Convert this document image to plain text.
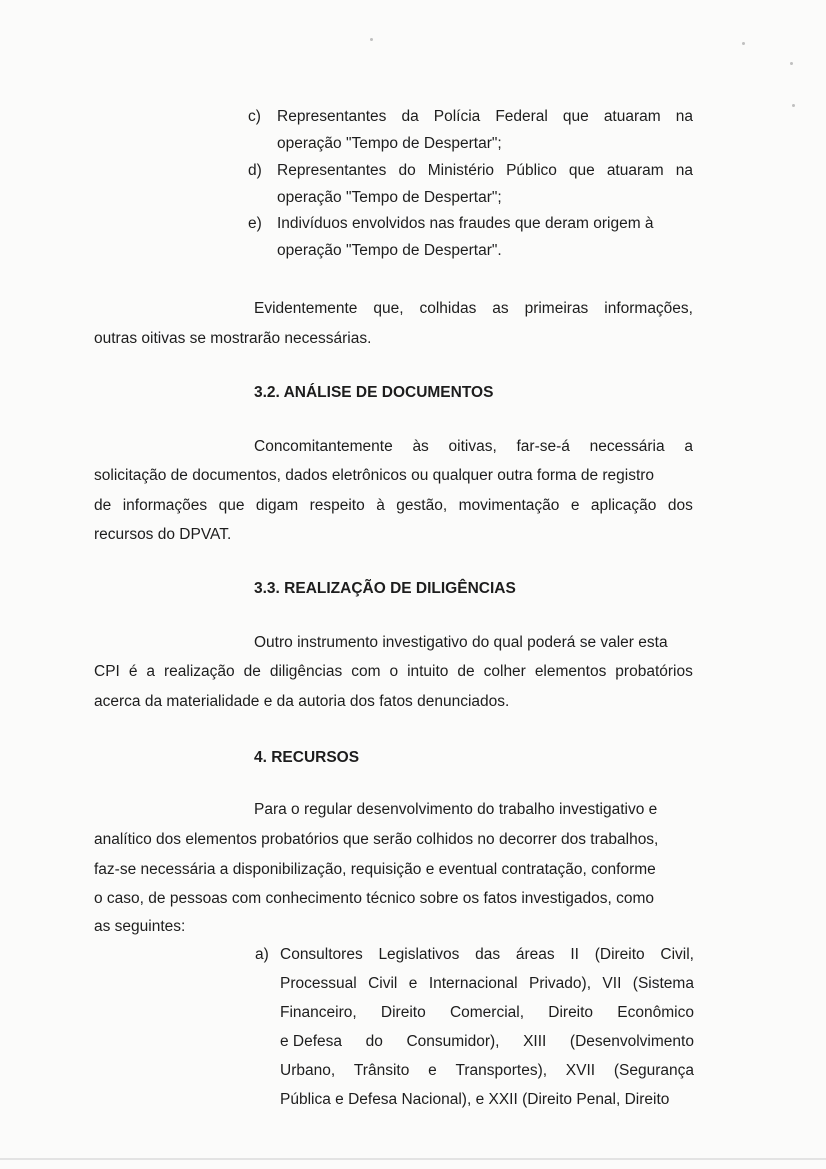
c) Representantes da Polícia Federal que atuaram na
operação "Tempo de Despertar";
d) Representantes do Ministério Público que atuaram na
operação "Tempo de Despertar";
e) Indivíduos envolvidos nas fraudes que deram origem à
operação "Tempo de Despertar".
Evidentemente que, colhidas as primeiras informações,
outras oitivas se mostrarão necessárias.
3.2. ANÁLISE DE DOCUMENTOS
Concomitantemente às oitivas, far-se-á necessária a
solicitação de documentos, dados eletrônicos ou qualquer outra forma de registro
de informações que digam respeito à gestão, movimentação e aplicação dos
recursos do DPVAT.
3.3. REALIZAÇÃO DE DILIGÊNCIAS
Outro instrumento investigativo do qual poderá se valer esta
CPI é a realização de diligências com o intuito de colher elementos probatórios
acerca da materialidade e da autoria dos fatos denunciados.
4. RECURSOS
Para o regular desenvolvimento do trabalho investigativo e
analítico dos elementos probatórios que serão colhidos no decorrer dos trabalhos,
faz-se necessária a disponibilização, requisição e eventual contratação, conforme
o caso, de pessoas com conhecimento técnico sobre os fatos investigados, como
as seguintes:
a) Consultores Legislativos das áreas II (Direito Civil,
Processual Civil e Internacional Privado), VII (Sistema
Financeiro, Direito Comercial, Direito Econômico
e Defesa do Consumidor), XIII (Desenvolvimento
Urbano, Trânsito e Transportes), XVII (Segurança
Pública e Defesa Nacional), e XXII (Direito Penal, Direito
